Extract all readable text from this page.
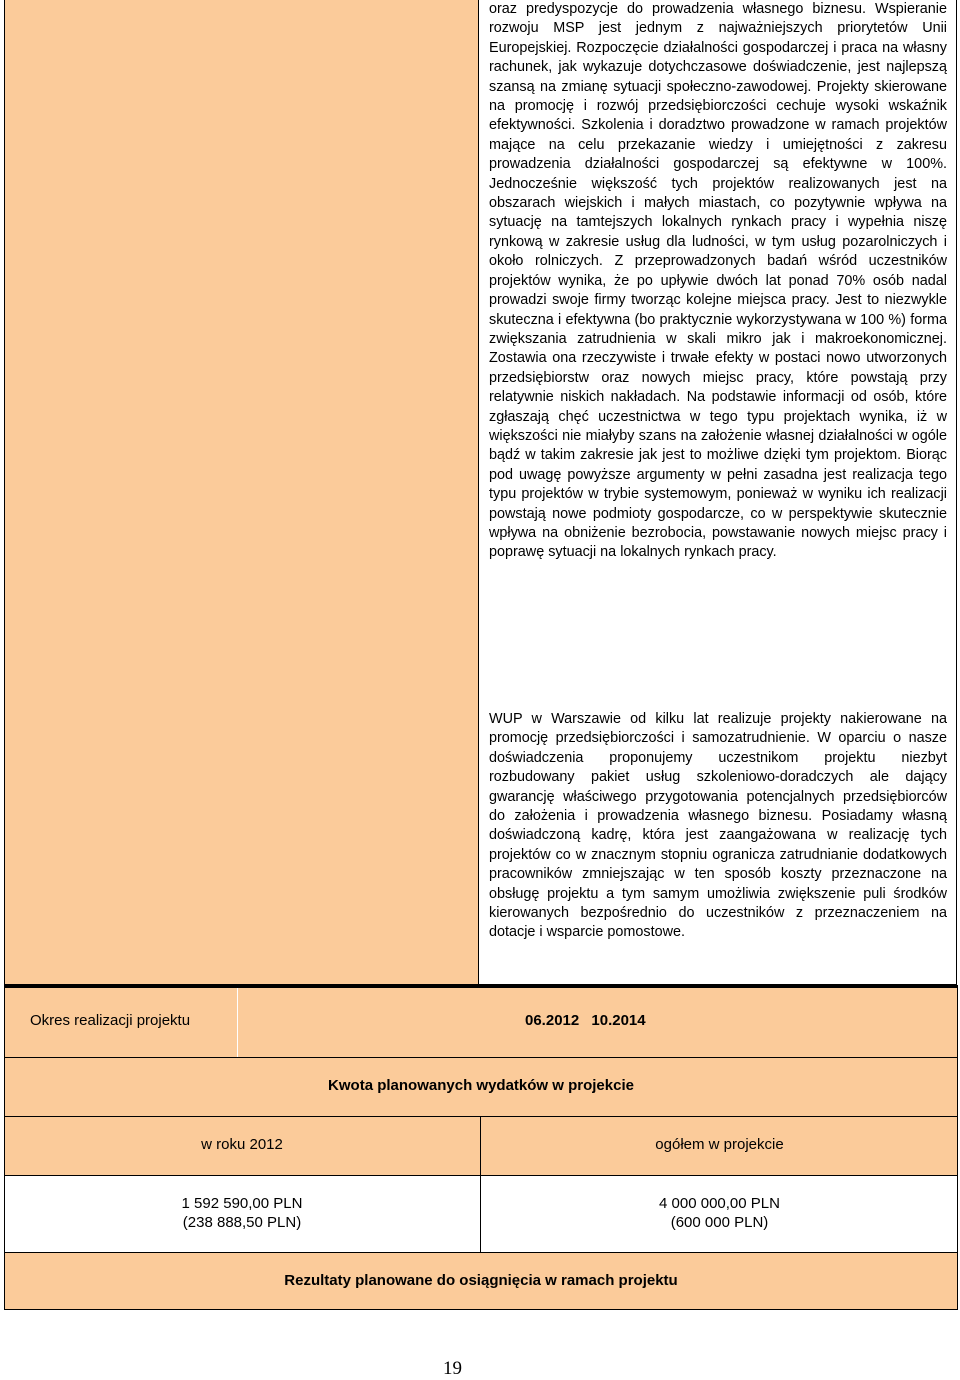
oraz predyspozycje do prowadzenia własnego biznesu. Wspieranie rozwoju MSP jest jednym z najważniejszych priorytetów Unii Europejskiej. Rozpoczęcie działalności gospodarczej i praca na własny rachunek, jak wykazuje dotychczasowe doświadczenie, jest najlepszą szansą na zmianę sytuacji społeczno-zawodowej. Projekty skierowane na promocję i rozwój przedsiębiorczości cechuje wysoki wskaźnik efektywności. Szkolenia i doradztwo prowadzone w ramach projektów mające na celu przekazanie wiedzy i umiejętności z zakresu prowadzenia działalności gospodarczej są efektywne w 100%. Jednocześnie większość tych projektów realizowanych jest na obszarach wiejskich i małych miastach, co pozytywnie wpływa na sytuację na tamtejszych lokalnych rynkach pracy i wypełnia niszę rynkową w zakresie usług dla ludności, w tym usług pozarolniczych i około rolniczych. Z przeprowadzonych badań wśród uczestników projektów wynika, że po upływie dwóch lat ponad 70% osób nadal prowadzi swoje firmy tworząc kolejne miejsca pracy. Jest to niezwykle skuteczna i efektywna (bo praktycznie wykorzystywana w 100 %) forma zwiększania zatrudnienia w skali mikro jak i makroekonomicznej. Zostawia ona rzeczywiste i trwałe efekty w postaci nowo utworzonych przedsiębiorstw oraz nowych miejsc pracy, które powstają przy relatywnie niskich nakładach. Na podstawie informacji od osób, które zgłaszają chęć uczestnictwa w tego typu projektach wynika, iż w większości nie miałyby szans na założenie własnej działalności w ogóle bądź w takim zakresie jak jest to możliwe dzięki tym projektom. Biorąc pod uwagę powyższe argumenty w pełni zasadna jest realizacja tego typu projektów w trybie systemowym, ponieważ w wyniku ich realizacji powstają nowe podmioty gospodarcze, co w perspektywie skutecznie wpływa na obniżenie bezrobocia, powstawanie nowych miejsc pracy i poprawę sytuacji na lokalnych rynkach pracy.

WUP w Warszawie od kilku lat realizuje projekty nakierowane na promocję przedsiębiorczości i samozatrudnienie. W oparciu o nasze doświadczenia proponujemy uczestnikom projektu niezbyt rozbudowany pakiet usług szkoleniowo-doradczych ale dający gwarancję właściwego przygotowania potencjalnych przedsiębiorców do założenia i prowadzenia własnego biznesu. Posiadamy własną doświadczoną kadrę, która jest zaangażowana w realizację tych projektów co w znacznym stopniu ogranicza zatrudnianie dodatkowych pracowników zmniejszając w ten sposób koszty przeznaczone na obsługę projektu a tym samym umożliwia zwiększenie puli środków kierowanych bezpośrednio do uczestników z przeznaczeniem na dotacje i wsparcie pomostowe.

Okres realizacji projektu	06.2012 10.2014
Kwota planowanych wydatków w projekcie
w roku 2012	ogółem w projekcie
1 592 590,00 PLN
(238 888,50 PLN)
4 000 000,00 PLN
(600 000 PLN)
Rezultaty planowane do osiągnięcia w ramach projektu
19
